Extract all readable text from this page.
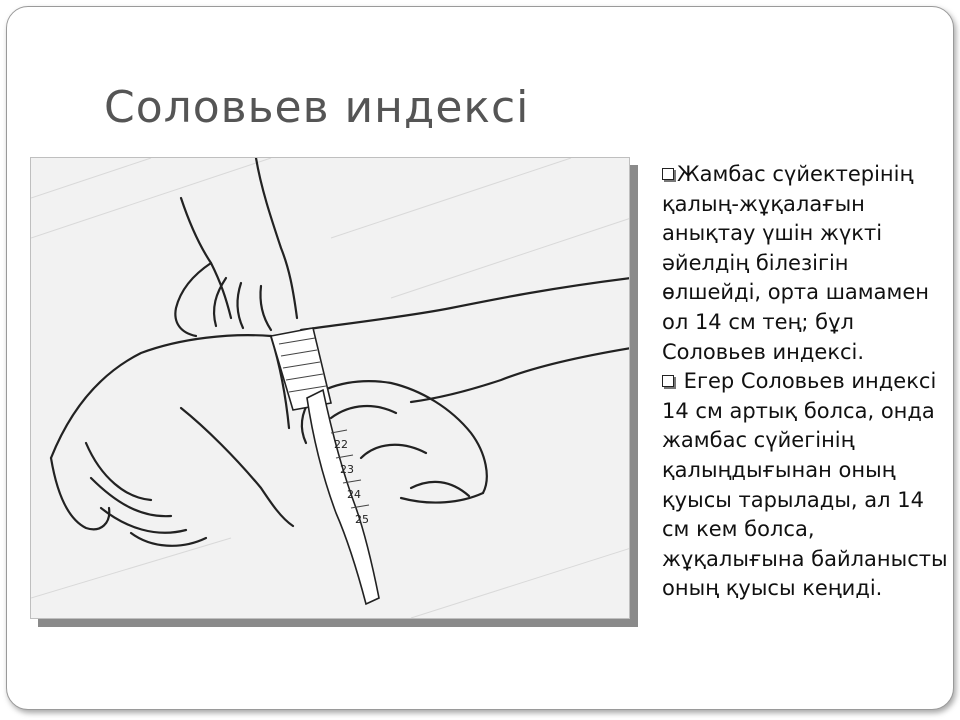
Соловьев индексі
22
23
24
25

Жамбас сүйектерінің қалың-жұқалағын анықтау үшін жүкті әйелдің білезігін өлшейді, орта шамамен ол 14 см тең; бұл Соловьев индексі.

Егер Соловьев индексі 14 см артық болса, онда жамбас сүйегінің қалыңдығынан оның қуысы тарылады, ал 14 см кем болса, жұқалығына байланысты оның қуысы кеңиді.
